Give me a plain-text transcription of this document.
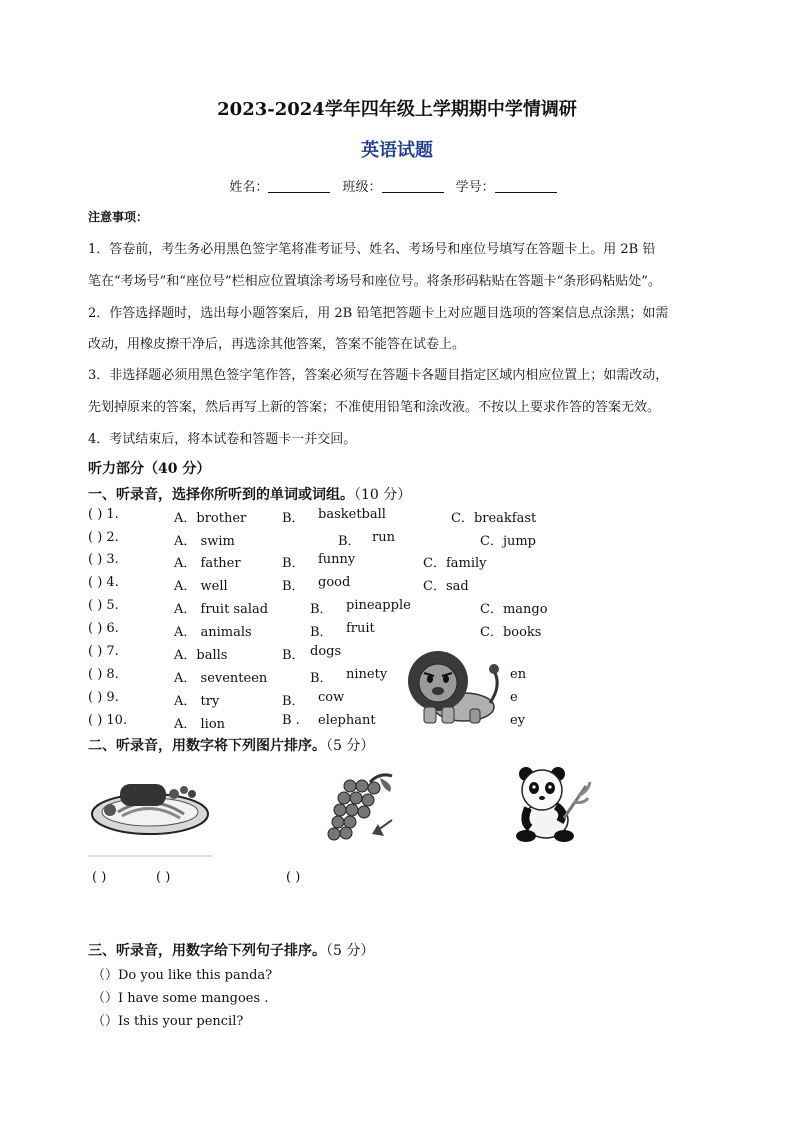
2023-2024学年四年级上学期期中学情调研
英语试题
姓名：	班级：	学号：
注意事项：
1．答卷前，考生务必用黑色签字笔将准考证号、姓名、考场号和座位号填写在答题卡上。用 2B 铅
笔在“考场号”和“座位号”栏相应位置填涂考场号和座位号。将条形码粘贴在答题卡“条形码粘贴处”。
2．作答选择题时，选出每小题答案后，用 2B 铅笔把答题卡上对应题目选项的答案信息点涂黑；如需
改动，用橡皮擦干净后，再选涂其他答案，答案不能答在试卷上。
3．非选择题必须用黑色签字笔作答，答案必须写在答题卡各题目指定区域内相应位置上；如需改动，
先划掉原来的答案，然后再写上新的答案；不准使用铅笔和涂改液。不按以上要求作答的答案无效。
4．考试结束后，将本试卷和答题卡一并交回。
听力部分（40 分）
一、听录音，选择你所听到的单词或词组。（10 分）
( ) 1.	A．brother	B． basketball	C．breakfast
( ) 2.	A． swim	B． run	C．jump
( ) 3.	A． father	B． funny	C．family
( ) 4.	A． well	B． good	C．sad
( ) 5.	A． fruit salad	B． pineapple	C．mango
( ) 6.	A． animals	B． fruit	C．books
( ) 7.	A．balls	B． dogs
( ) 8.	A． seventeen	B． ninety	en
( ) 9.	A． try	B． cow	e
( ) 10.	A． lion	B . elephant	ey
二、听录音，用数字将下列图片排序。（5 分）
( )	( )	( )
三、听录音，用数字给下列句子排序。（5 分）
（）Do you like this panda?
（）I have some mangoes .
（）Is this your pencil?
